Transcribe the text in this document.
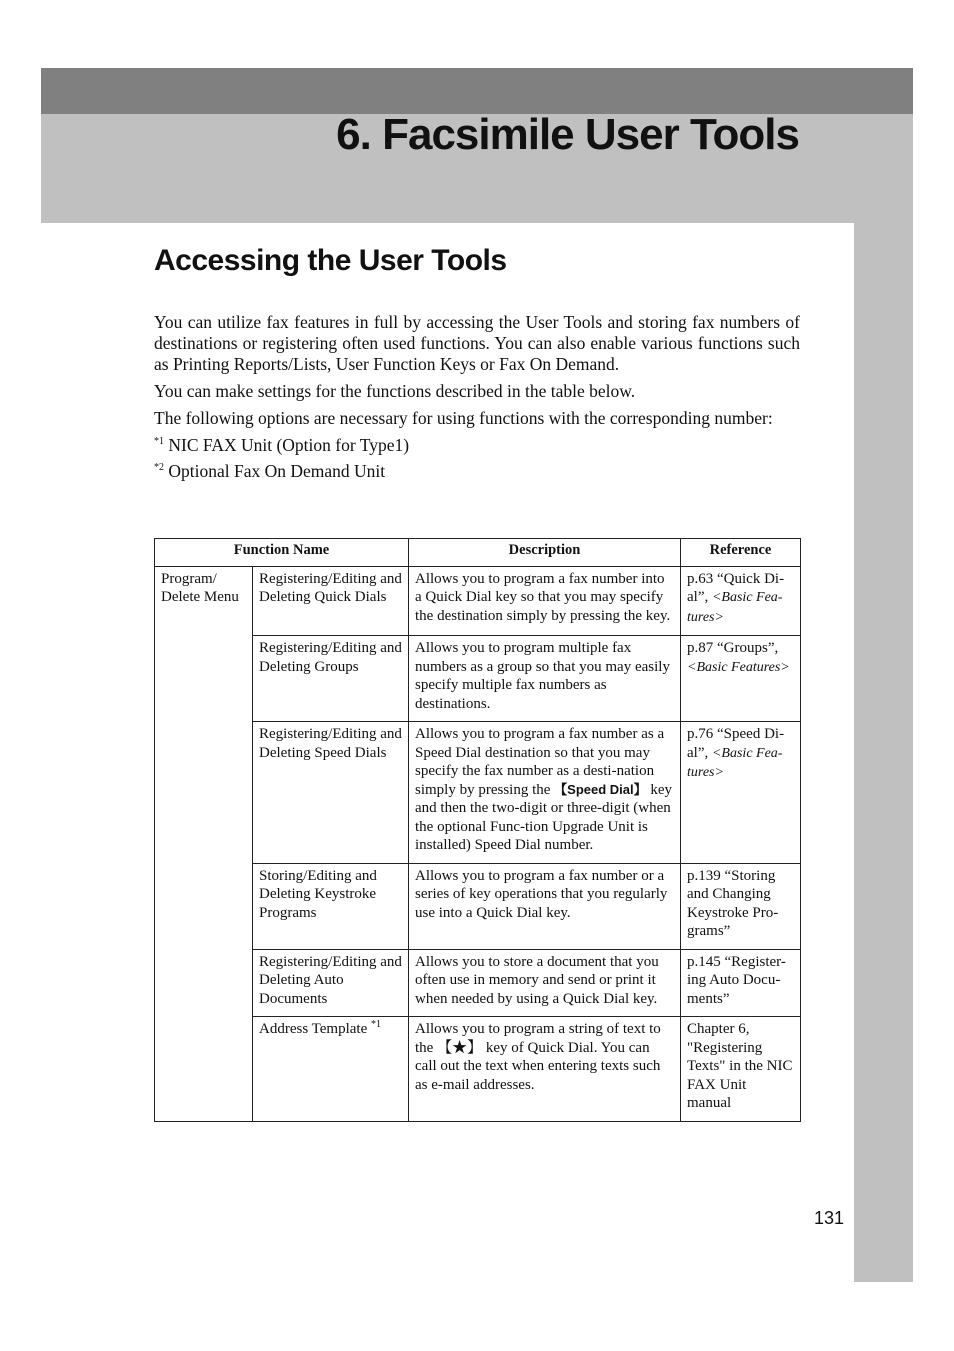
6. Facsimile User Tools
Accessing the User Tools

You can utilize fax features in full by accessing the User Tools and storing fax numbers of destinations or registering often used functions. You can also enable various functions such as Printing Reports/Lists, User Function Keys or Fax On Demand.

You can make settings for the functions described in the table below.

The following options are necessary for using functions with the corresponding number:

$^{*1}$ NIC FAX Unit (Option for Type1)

$^{*2}$ Optional Fax On Demand Unit

Function Name		Description	Reference
Program/ Delete Menu	Registering/Editing and Deleting Quick Dials	Allows you to program a fax number into a Quick Dial key so that you may specify the destination simply by pressing the key.	p.63 “Quick Di-al”, <Basic Fea-tures>
	Registering/Editing and Deleting Groups	Allows you to program multiple fax numbers as a group so that you may easily specify multiple fax numbers as destinations.	p.87 “Groups”, <Basic Features>
	Registering/Editing and Deleting Speed Dials	Allows you to program a fax number as a Speed Dial destination so that you may specify the fax number as a desti-nation simply by pressing the 【Speed Dial】 key and then the two-digit or three-digit (when the optional Func-tion Upgrade Unit is installed) Speed Dial number.	p.76 “Speed Di-al”, <Basic Fea-tures>
	Storing/Editing and Deleting Keystroke Programs	Allows you to program a fax number or a series of key operations that you regularly use into a Quick Dial key.	p.139 “Storing and Changing Keystroke Pro-grams”
	Registering/Editing and Deleting Auto Documents	Allows you to store a document that you often use in memory and send or print it when needed by using a Quick Dial key.	p.145 “Register-ing Auto Docu-ments”
	Address Template $^{*1}$	Allows you to program a string of text to the 【★】 key of Quick Dial. You can call out the text when entering texts such as e-mail addresses.	Chapter 6, "Registering Texts" in the NIC FAX Unit manual
131
